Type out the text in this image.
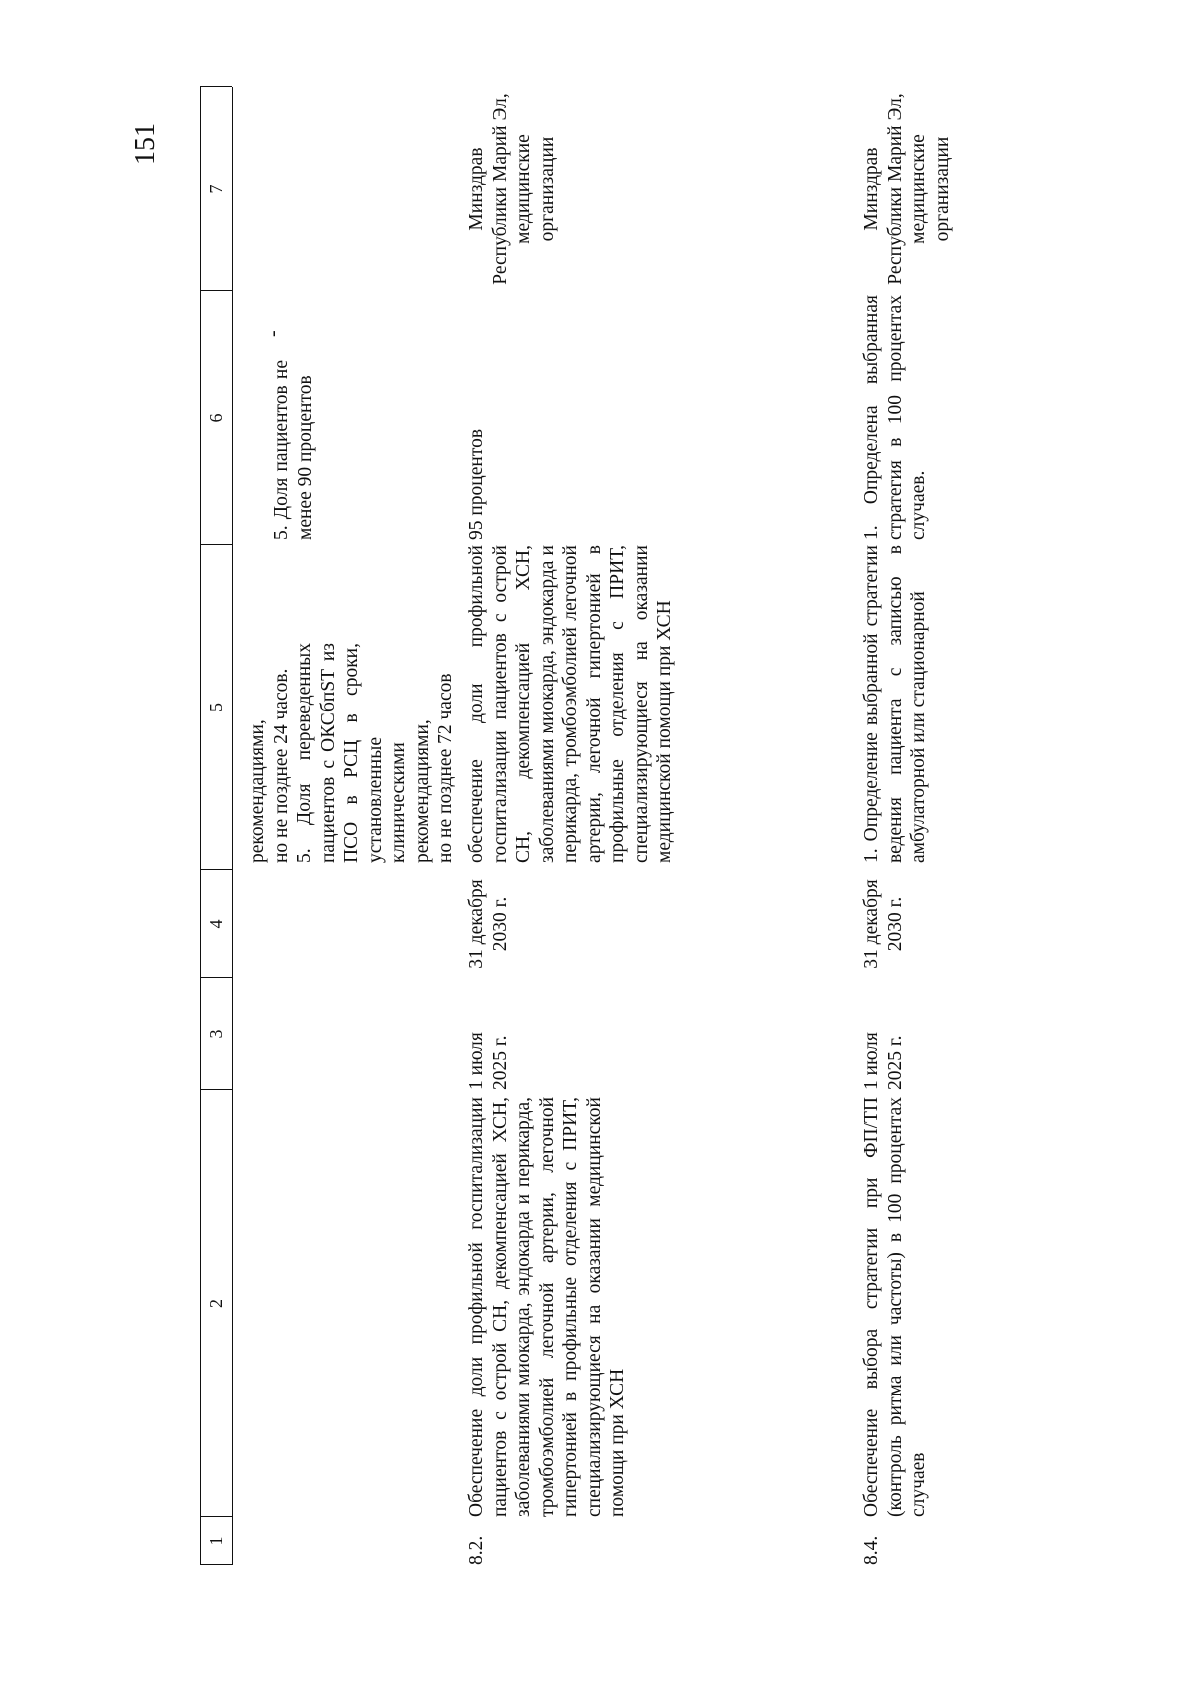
151
1
2
3
4
5
6
7
рекомендациями,
но не позднее 24 часов.
5. Доля переведенных пациентов с ОКСбпST из ПСО в РСЦ в сроки, установленные клиническими рекомендациями,
но не позднее 72 часов
5. Доля пациентов не менее 90 процентов
-
8.2.
Обеспечение доли профильной госпитализации пациентов с острой СН, декомпенсацией ХСН, заболеваниями миокарда, эндокарда и перикарда, тромбоэмболией легочной артерии, легочной гипертонией в профильные отделения с ПРИТ, специализирующиеся на оказании медицинской помощи при ХСН
1 июля
2025 г.
31 декабря
2030 г.
обеспечение доли профильной госпитализации пациентов с острой СН, декомпенсацией ХСН, заболеваниями миокарда, эндокарда и перикарда, тромбоэмболией легочной артерии, легочной гипертонией в профильные отделения с ПРИТ, специализирующиеся на оказании медицинской помощи при ХСН
95 процентов
Минздрав
Республики Марий Эл,
медицинские
организации
8.4.
Обеспечение выбора стратегии при ФП/ТП (контроль ритма или частоты) в 100 процентах случаев
1 июля
2025 г.
31 декабря
2030 г.
1. Определение выбранной стратегии ведения пациента с записью в амбулаторной или стационарной
1. Определена выбранная стратегия в 100 процентах случаев.
Минздрав
Республики Марий Эл,
медицинские
организации
